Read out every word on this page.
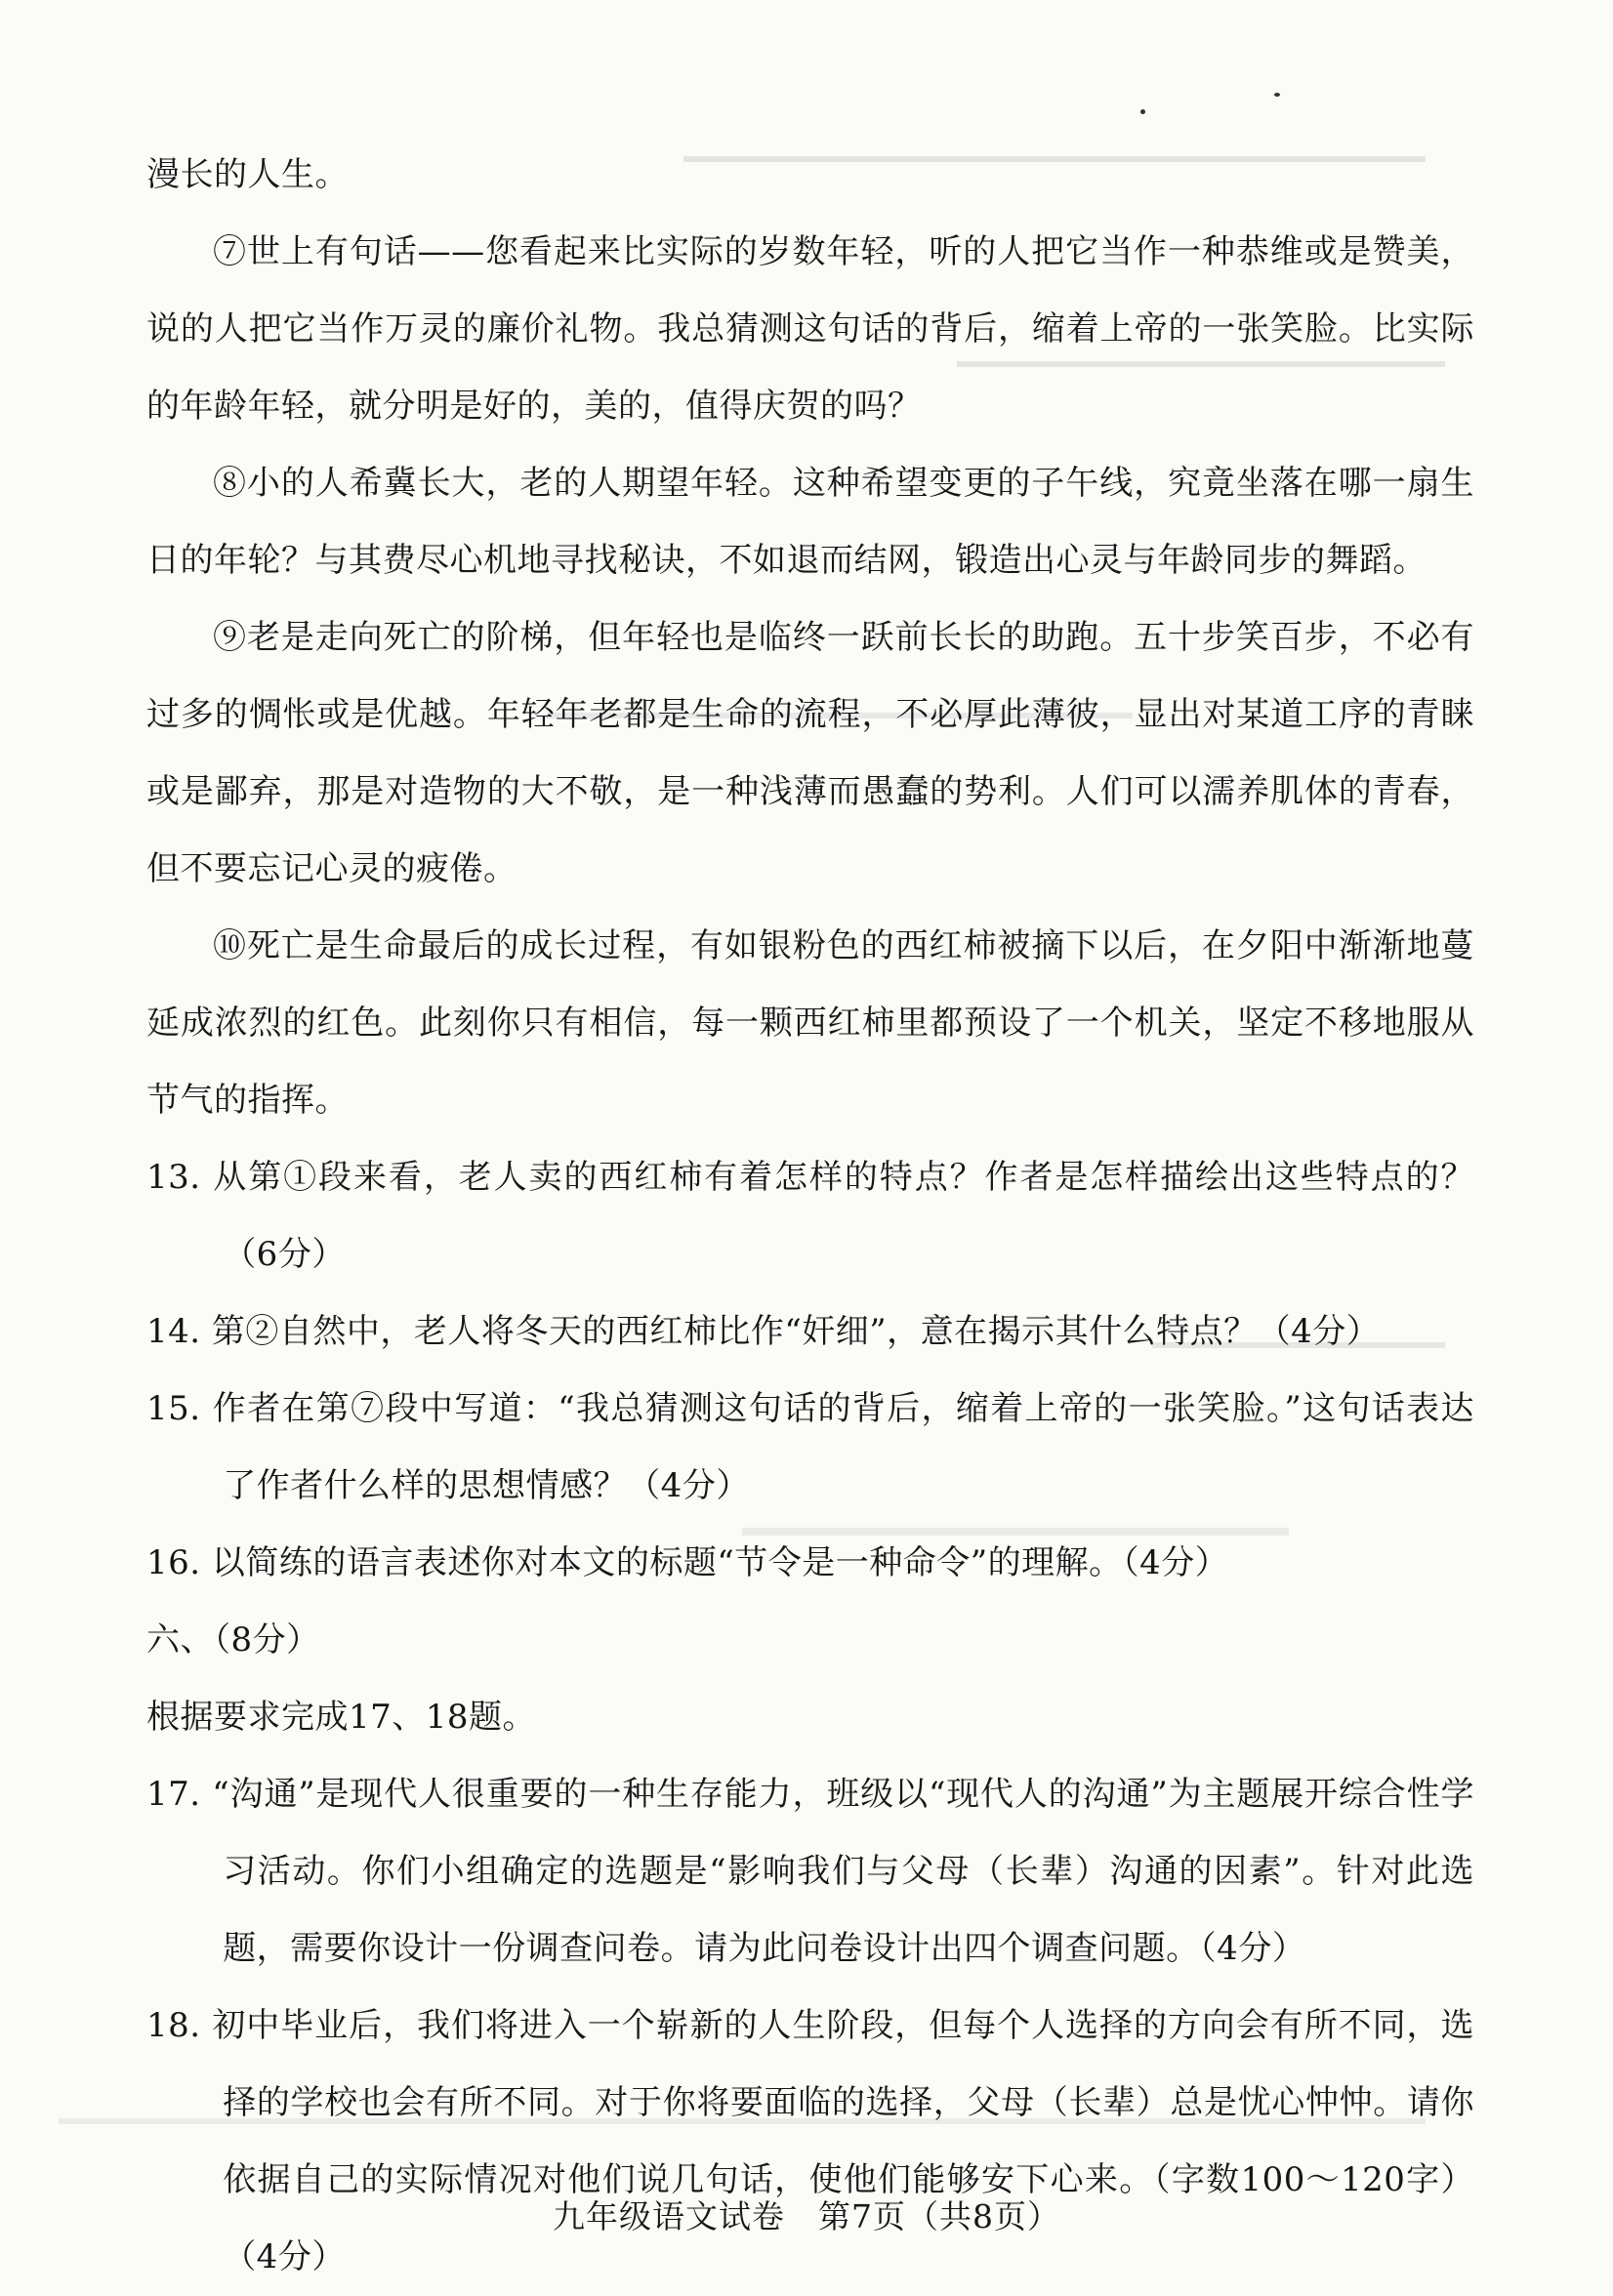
漫长的人生。

⑦世上有句话——您看起来比实际的岁数年轻，听的人把它当作一种恭维或是赞美，说的人把它当作万灵的廉价礼物。我总猜测这句话的背后，缩着上帝的一张笑脸。比实际的年龄年轻，就分明是好的，美的，值得庆贺的吗？

⑧小的人希冀长大，老的人期望年轻。这种希望变更的子午线，究竟坐落在哪一扇生日的年轮？与其费尽心机地寻找秘诀，不如退而结网，锻造出心灵与年龄同步的舞蹈。

⑨老是走向死亡的阶梯，但年轻也是临终一跃前长长的助跑。五十步笑百步，不必有过多的惆怅或是优越。年轻年老都是生命的流程，不必厚此薄彼，显出对某道工序的青睐或是鄙弃，那是对造物的大不敬，是一种浅薄而愚蠢的势利。人们可以濡养肌体的青春，但不要忘记心灵的疲倦。

⑩死亡是生命最后的成长过程，有如银粉色的西红柿被摘下以后，在夕阳中渐渐地蔓延成浓烈的红色。此刻你只有相信，每一颗西红柿里都预设了一个机关，坚定不移地服从节气的指挥。

13. 从第①段来看，老人卖的西红柿有着怎样的特点？作者是怎样描绘出这些特点的？（6分）

14. 第②自然中，老人将冬天的西红柿比作“奸细”，意在揭示其什么特点？（4分）

15. 作者在第⑦段中写道：“我总猜测这句话的背后，缩着上帝的一张笑脸。”这句话表达了作者什么样的思想情感？（4分）

16. 以简练的语言表述你对本文的标题“节令是一种命令”的理解。（4分）

六、（8分）

根据要求完成17、18题。

17. “沟通”是现代人很重要的一种生存能力，班级以“现代人的沟通”为主题展开综合性学习活动。你们小组确定的选题是“影响我们与父母（长辈）沟通的因素”。针对此选题，需要你设计一份调查问卷。请为此问卷设计出四个调查问题。（4分）

18. 初中毕业后，我们将进入一个崭新的人生阶段，但每个人选择的方向会有所不同，选择的学校也会有所不同。对于你将要面临的选择，父母（长辈）总是忧心忡忡。请你依据自己的实际情况对他们说几句话，使他们能够安下心来。（字数100～120字）（4分）

九年级语文试卷　第7页（共8页）
